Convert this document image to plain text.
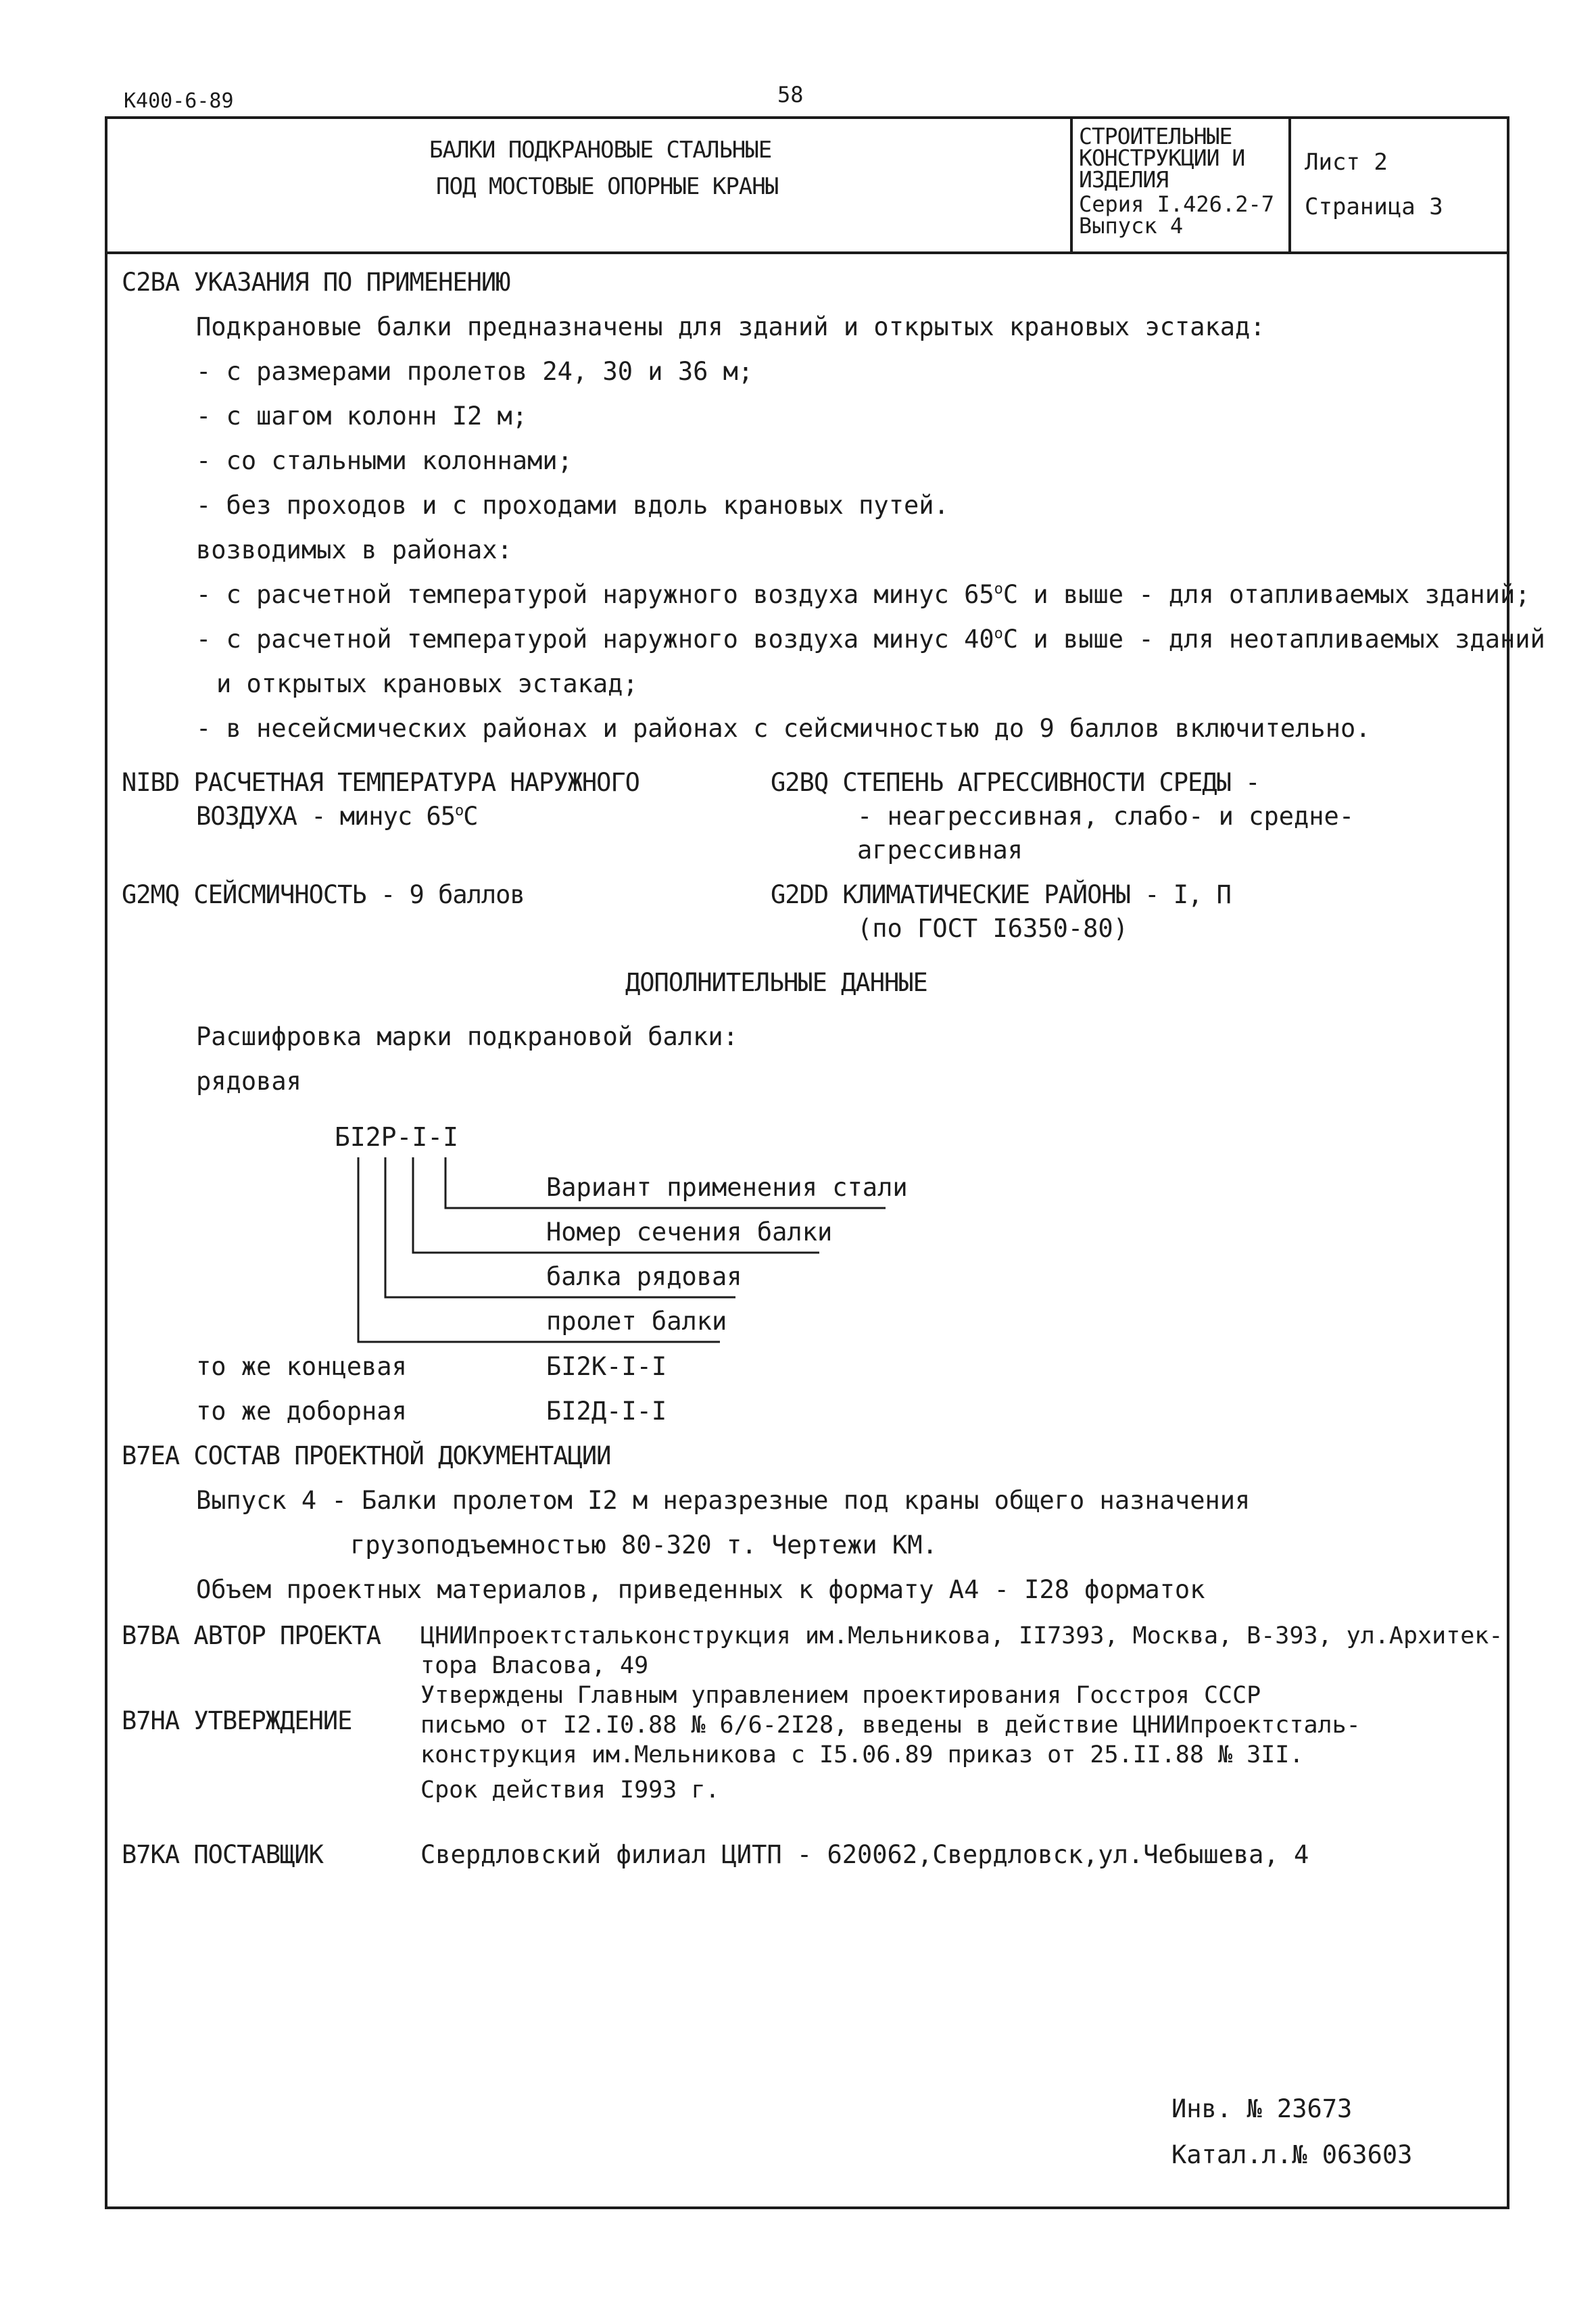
К400-6-89	58
БАЛКИ ПОДКРАНОВЫЕ СТАЛЬНЫЕ
ПОД МОСТОВЫЕ ОПОРНЫЕ КРАНЫ
СТРОИТЕЛЬНЫЕ
КОНСТРУКЦИИ И
ИЗДЕЛИЯ
Серия I.426.2-7
Выпуск 4
Лист 2
Страница 3
C2BA УКАЗАНИЯ ПО ПРИМЕНЕНИЮ
Подкрановые балки предназначены для зданий и открытых крановых эстакад:
- с размерами пролетов 24, 30 и 36 м;
- с шагом колонн I2 м;
- со стальными колоннами;
- без проходов и с проходами вдоль крановых путей.
возводимых в районах:
- с расчетной температурой наружного воздуха минус $65^оС$ и выше - для отапливаемых зданий;
- с расчетной температурой наружного воздуха минус $40^оС$ и выше - для неотапливаемых зданий
и открытых крановых эстакад;
- в несейсмических районах и районах с сейсмичностью до 9 баллов включительно.
NIBD РАСЧЕТНАЯ ТЕМПЕРАТУРА НАРУЖНОГО
ВОЗДУХА - минус $65^оС$
G2BQ СТЕПЕНЬ АГРЕССИВНОСТИ СРЕДЫ -
- неагрессивная, слабо- и средне-
агрессивная
G2MQ СЕЙСМИЧНОСТЬ - 9 баллов	G2DD КЛИМАТИЧЕСКИЕ РАЙОНЫ - I, П
(по ГОСТ I6350-80)
ДОПОЛНИТЕЛЬНЫЕ ДАННЫЕ
Расшифровка марки подкрановой балки:
рядовая
БI2Р-I-I
Вариант применения стали
Номер сечения балки
балка рядовая
пролет балки
то же концевая	БI2К-I-I
то же доборная	БI2Д-I-I
B7EA СОСТАВ ПРОЕКТНОЙ ДОКУМЕНТАЦИИ
Выпуск 4 - Балки пролетом I2 м неразрезные под краны общего назначения
грузоподъемностью 80-320 т. Чертежи КМ.
Объем проектных материалов, приведенных к формату А4 - I28 форматок
B7BA АВТОР ПРОЕКТА ЦНИИпроектстальконструкция им.Мельникова, II7393, Москва, В-393, ул.Архитек-
тора Власова, 49
B7HA УТВЕРЖДЕНИЕ
Утверждены Главным управлением проектирования Госстроя СССР
письмо от I2.I0.88 № 6/6-2I28, введены в действие ЦНИИпроектсталь-
конструкция им.Мельникова с I5.06.89 приказ от 25.II.88 № 3II.
Срок действия I993 г.
B7KA ПОСТАВЩИК	Свердловский филиал ЦИТП - 620062,Свердловск,ул.Чебышева, 4
Инв. № 23673
Катал.л.№ 063603
